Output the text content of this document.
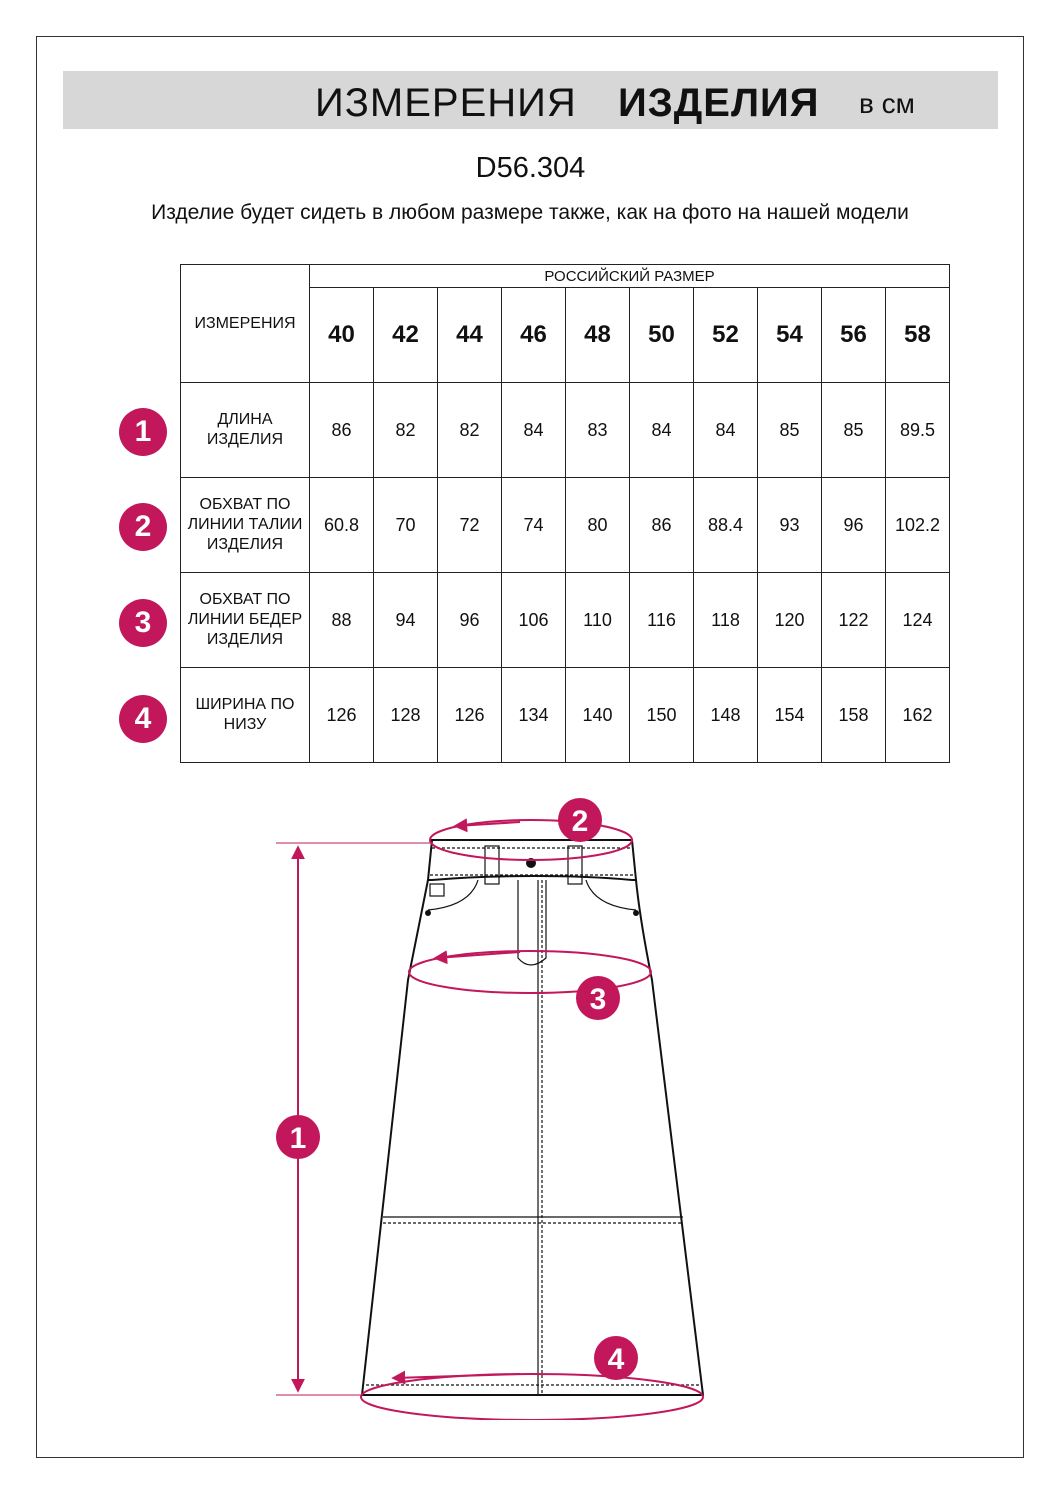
ИЗМЕРЕНИЯ ИЗДЕЛИЯ в см
D56.304
Изделие будет сидеть в любом размере также, как на фото на нашей модели
ИЗМЕРЕНИЯ	РОССИЙСКИЙ РАЗМЕР									
	40	42	44	46	48	50	52	54	56	58
ДЛИНА ИЗДЕЛИЯ	86	82	82	84	83	84	84	85	85	89.5
ОБХВАТ ПО ЛИНИИ ТАЛИИ ИЗДЕЛИЯ	60.8	70	72	74	80	86	88.4	93	96	102.2
ОБХВАТ ПО ЛИНИИ БЕДЕР ИЗДЕЛИЯ	88	94	96	106	110	116	118	120	122	124
ШИРИНА ПО НИЗУ	126	128	126	134	140	150	148	154	158	162
1
2
3
4
2
3
1
4
